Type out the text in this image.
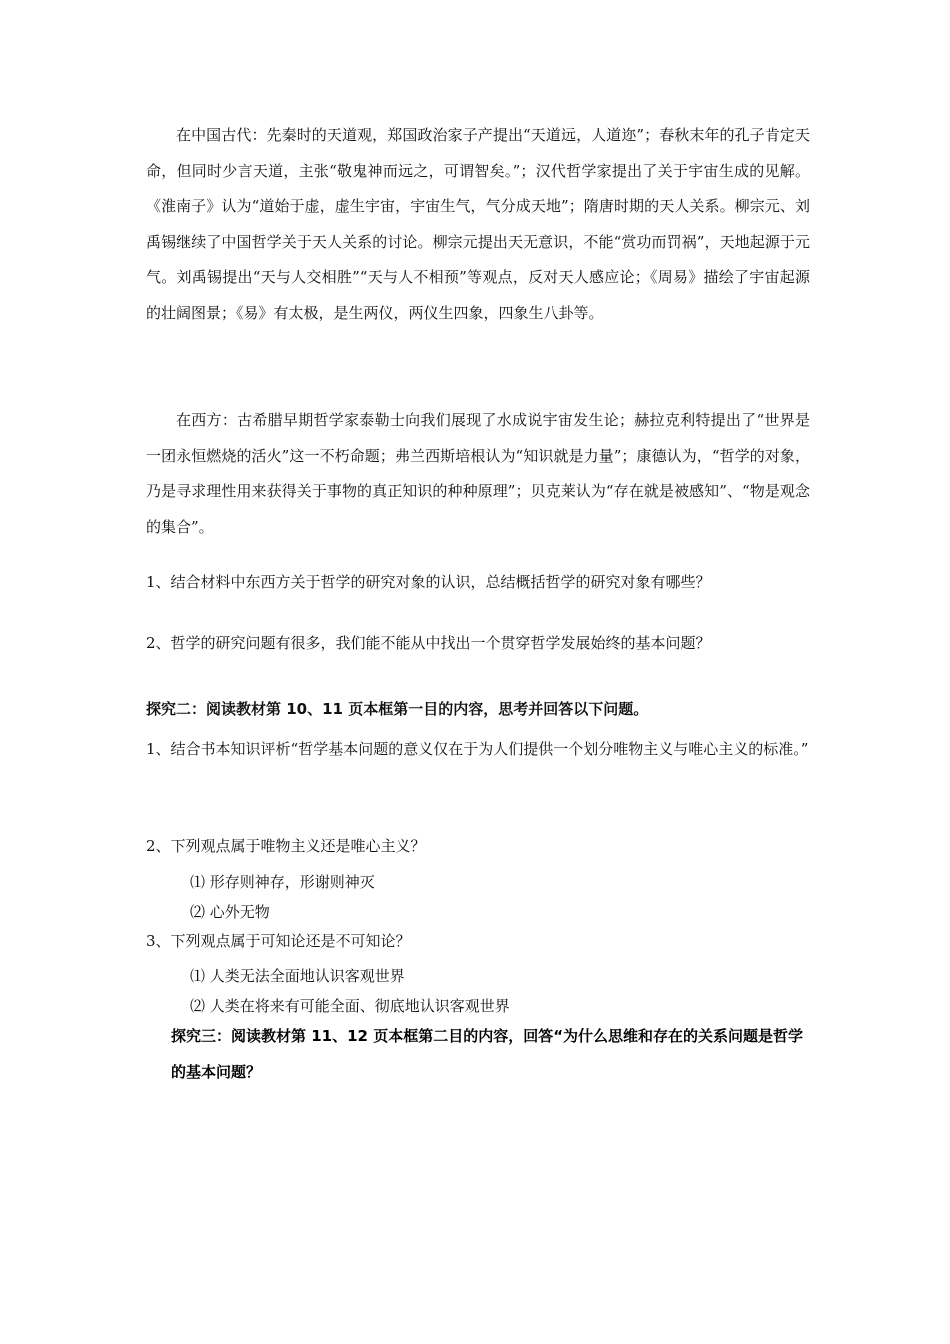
在中国古代：先秦时的天道观，郑国政治家子产提出“天道远，人道迩”；春秋末年的孔子肯定天命，但同时少言天道，主张“敬鬼神而远之，可谓智矣。”；汉代哲学家提出了关于宇宙生成的见解。《淮南子》认为“道始于虚，虚生宇宙，宇宙生气，气分成天地”；隋唐时期的天人关系。柳宗元、刘禹锡继续了中国哲学关于天人关系的讨论。柳宗元提出天无意识，不能“赏功而罚祸”，天地起源于元气。刘禹锡提出“天与人交相胜”“天与人不相预”等观点，反对天人感应论；《周易》描绘了宇宙起源的壮阔图景；《易》有太极，是生两仪，两仪生四象，四象生八卦等。

在西方：古希腊早期哲学家泰勒士向我们展现了水成说宇宙发生论；赫拉克利特提出了“世界是一团永恒燃烧的活火”这一不朽命题；弗兰西斯培根认为“知识就是力量”；康德认为，“哲学的对象，乃是寻求理性用来获得关于事物的真正知识的种种原理”；贝克莱认为“存在就是被感知”、“物是观念的集合”。

1、结合材料中东西方关于哲学的研究对象的认识，总结概括哲学的研究对象有哪些？

2、哲学的研究问题有很多，我们能不能从中找出一个贯穿哲学发展始终的基本问题？

探究二：阅读教材第 10、11 页本框第一目的内容，思考并回答以下问题。

1、结合书本知识评析“哲学基本问题的意义仅在于为人们提供一个划分唯物主义与唯心主义的标准。”

2、下列观点属于唯物主义还是唯心主义？

⑴ 形存则神存，形谢则神灭

⑵ 心外无物

3、下列观点属于可知论还是不可知论？

⑴ 人类无法全面地认识客观世界

⑵ 人类在将来有可能全面、彻底地认识客观世界

探究三：阅读教材第 11、12 页本框第二目的内容，回答“为什么思维和存在的关系问题是哲学的基本问题？
